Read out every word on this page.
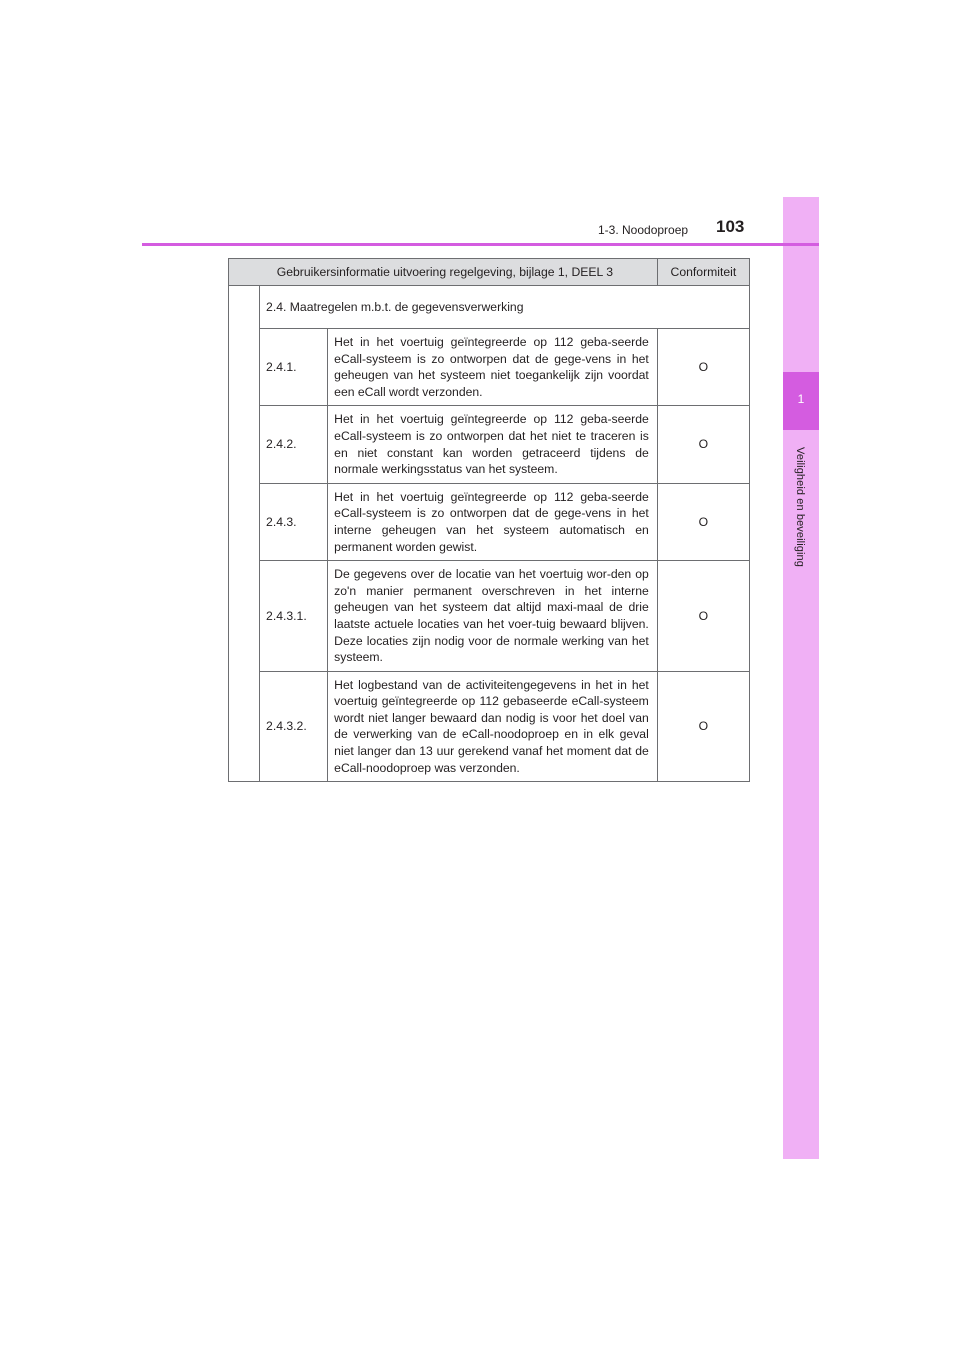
1
Veiligheid en beveiliging
1-3. Noodoproep 103
Gebruikersinformatie uitvoering regelgeving, bijlage 1, DEEL 3			Conformiteit
	2.4. Maatregelen m.b.t. de gegevensverwerking		
	2.4.1.	Het in het voertuig geïntegreerde op 112 geba-seerde eCall-systeem is zo ontworpen dat de gege-vens in het geheugen van het systeem niet toegankelijk zijn voordat een eCall wordt verzonden.	O
	2.4.2.	Het in het voertuig geïntegreerde op 112 geba-seerde eCall-systeem is zo ontworpen dat het niet te traceren is en niet constant kan worden getraceerd tijdens de normale werkingsstatus van het systeem.	O
	2.4.3.	Het in het voertuig geïntegreerde op 112 geba-seerde eCall-systeem is zo ontworpen dat de gege-vens in het interne geheugen van het systeem automatisch en permanent worden gewist.	O
	2.4.3.1.	De gegevens over de locatie van het voertuig wor-den op zo'n manier permanent overschreven in het interne geheugen van het systeem dat altijd maxi-maal de drie laatste actuele locaties van het voer-tuig bewaard blijven. Deze locaties zijn nodig voor de normale werking van het systeem.	O
	2.4.3.2.	Het logbestand van de activiteitengegevens in het in het voertuig geïntegreerde op 112 gebaseerde eCall-systeem wordt niet langer bewaard dan nodig is voor het doel van de verwerking van de eCall-noodoproep en in elk geval niet langer dan 13 uur gerekend vanaf het moment dat de eCall-noodoproep was verzonden.	O
